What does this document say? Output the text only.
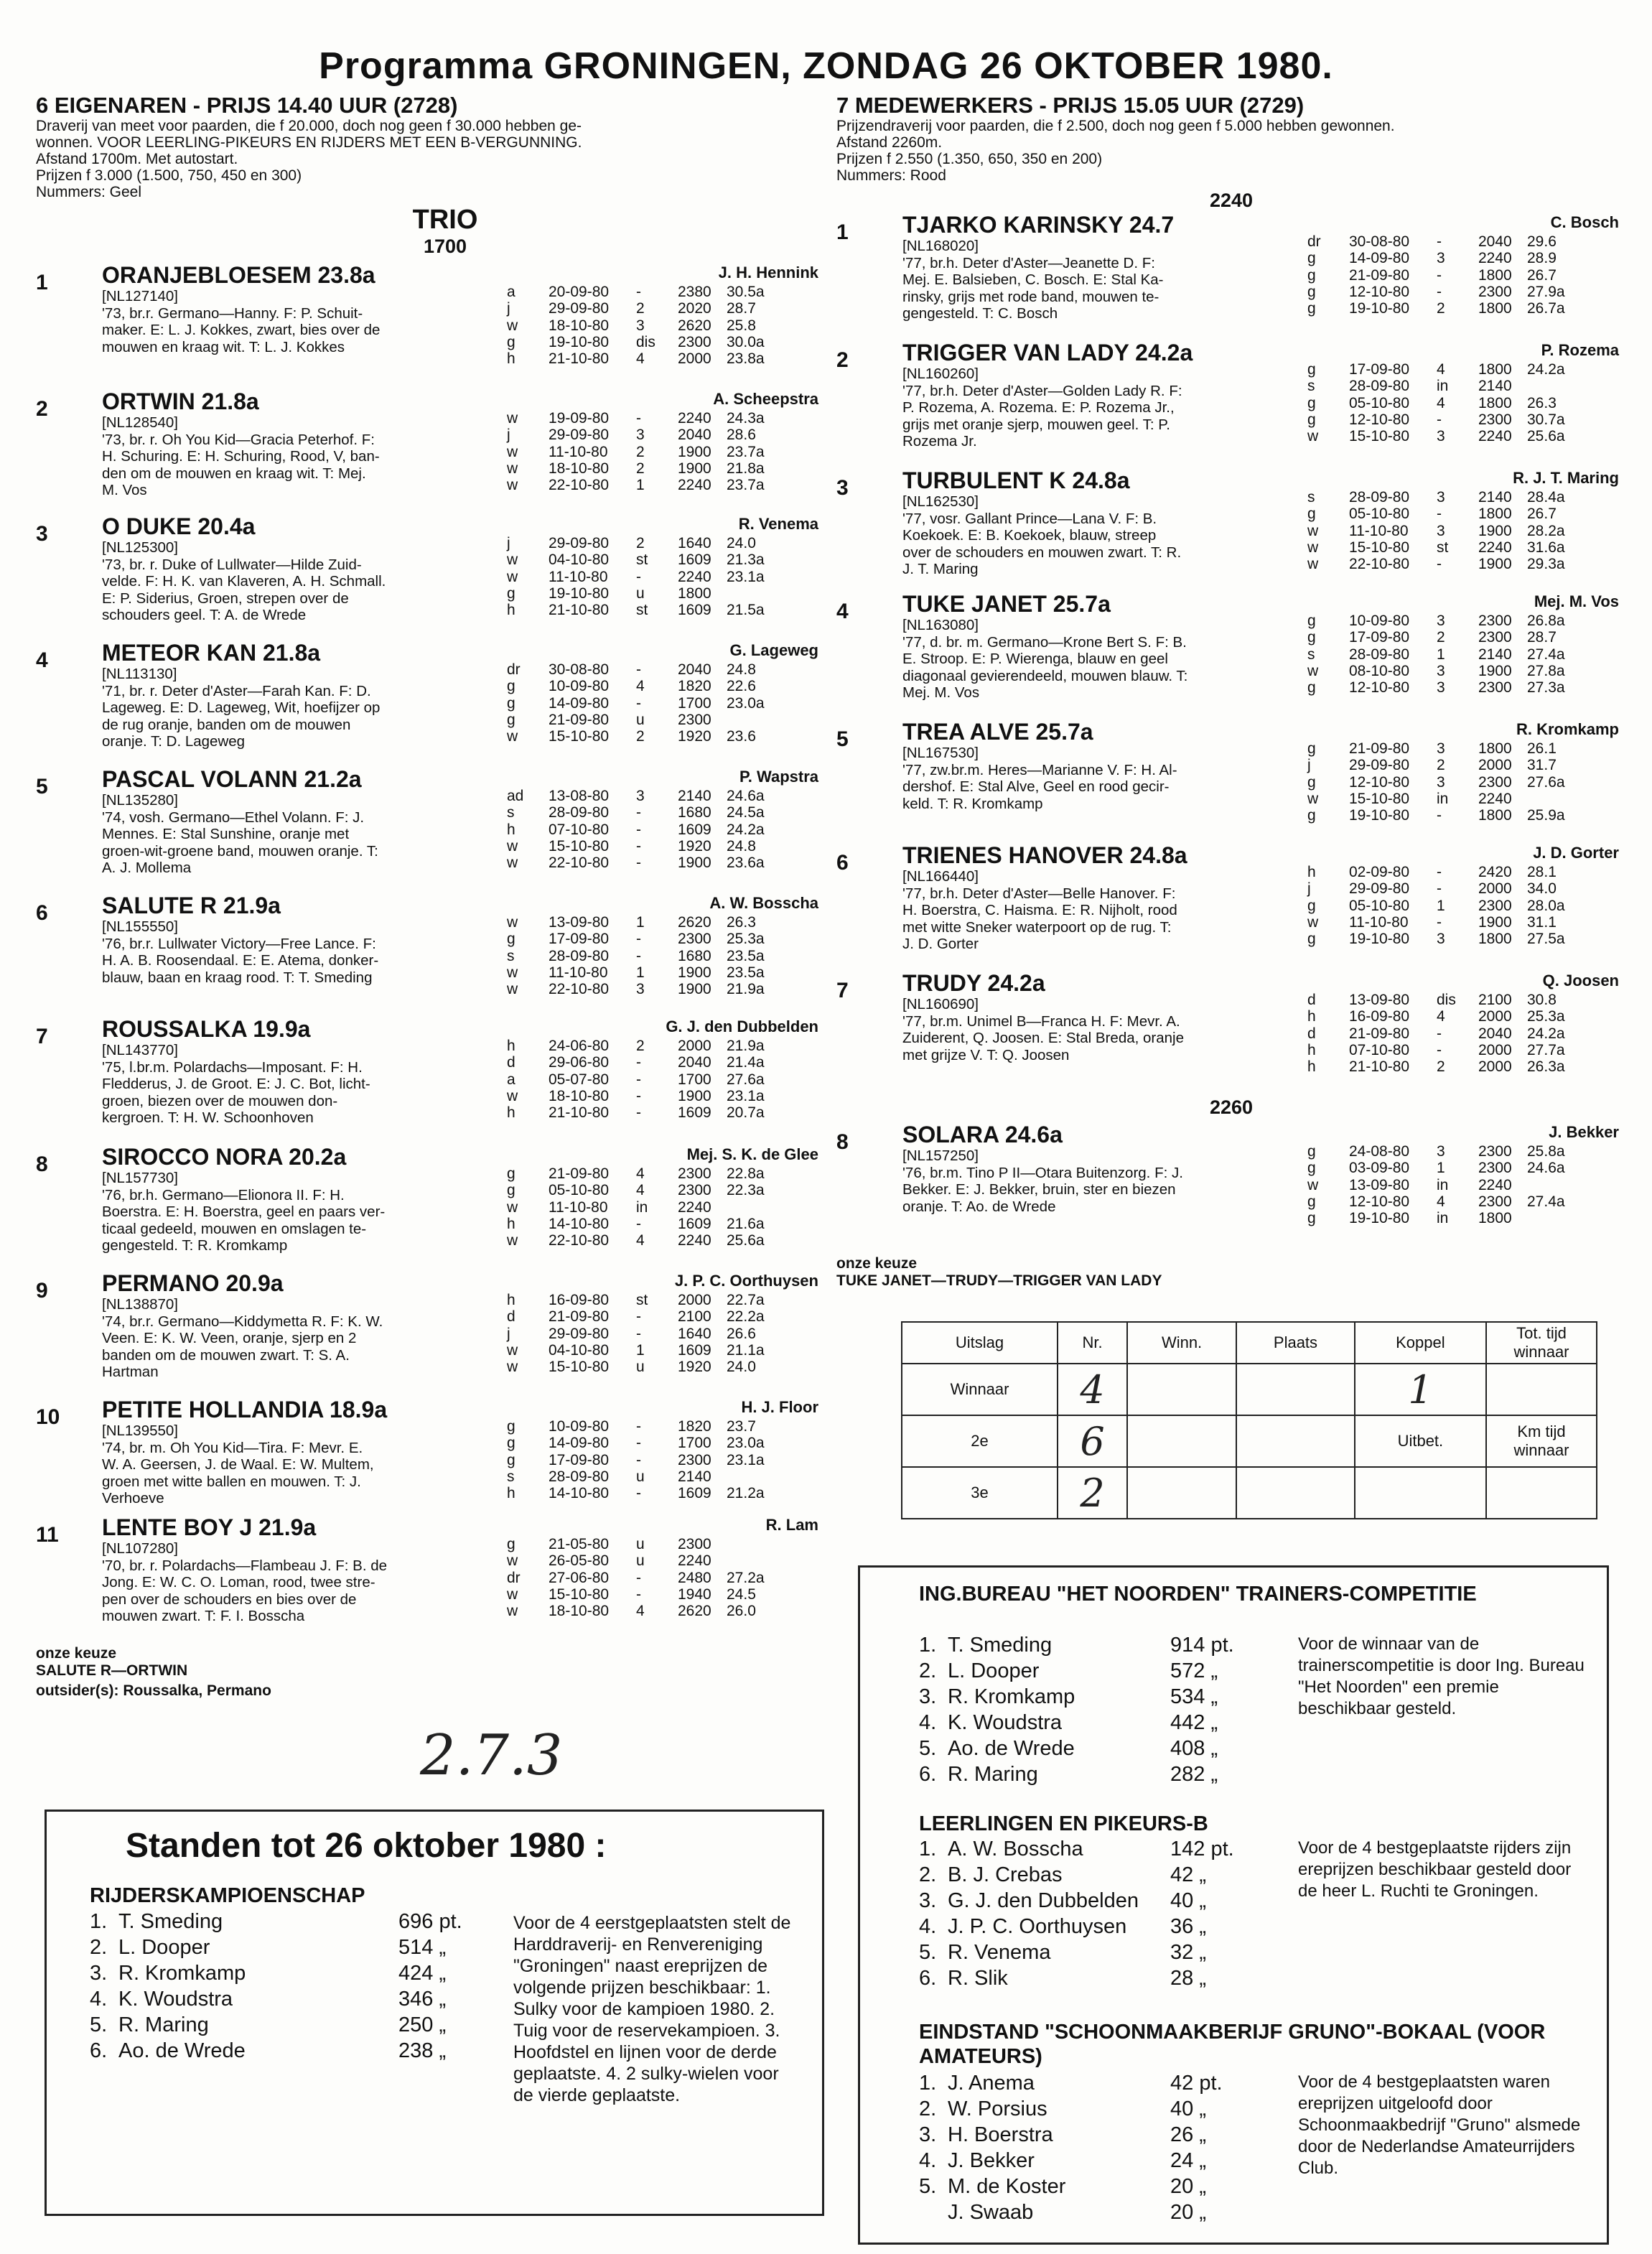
Programma GRONINGEN, ZONDAG 26 OKTOBER 1980.
6 EIGENAREN - PRIJS 14.40 UUR (2728)
Draverij van meet voor paarden, die f 20.000, doch nog geen f 30.000 hebben ge-
wonnen. VOOR LEERLING-PIKEURS EN RIJDERS MET EEN B-VERGUNNING.
Afstand 1700m. Met autostart.
Prijzen f 3.000 (1.500, 750, 450 en 300)
Nummers: Geel
TRIO
1700
1 ORANJEBLOESEM 23.8a	J. H. Hennink
[NL127140]
'73, br.r. Germano—Hanny. F: P. Schuit-
maker. E: L. J. Kokkes, zwart, bies over de
mouwen en kraag wit. T: L. J. Kokkes
a	20-09-80	-	2380	30.5a
j	29-09-80	2	2020	28.7
w	18-10-80	3	2620	25.8
g	19-10-80	dis	2300	30.0a
h	21-10-80	4	2000	23.8a
2 ORTWIN 21.8a	A. Scheepstra
[NL128540]
'73, br. r. Oh You Kid—Gracia Peterhof. F:
H. Schuring. E: H. Schuring, Rood, V, ban-
den om de mouwen en kraag wit. T: Mej.
M. Vos
w	19-09-80	-	2240	24.3a
j	29-09-80	3	2040	28.6
w	11-10-80	2	1900	23.7a
w	18-10-80	2	1900	21.8a
w	22-10-80	1	2240	23.7a
3 O DUKE 20.4a	R. Venema
[NL125300]
'73, br. r. Duke of Lullwater—Hilde Zuid-
velde. F: H. K. van Klaveren, A. H. Schmall.
E: P. Siderius, Groen, strepen over de
schouders geel. T: A. de Wrede
j	29-09-80	2	1640	24.0
w	04-10-80	st	1609	21.3a
w	11-10-80	-	2240	23.1a
g	19-10-80	u	1800
h	21-10-80	st	1609	21.5a
4 METEOR KAN 21.8a	G. Lageweg
[NL113130]
'71, br. r. Deter d'Aster—Farah Kan. F: D.
Lageweg. E: D. Lageweg, Wit, hoefijzer op
de rug oranje, banden om de mouwen
oranje. T: D. Lageweg
dr	30-08-80	-	2040	24.8
g	10-09-80	4	1820	22.6
g	14-09-80	-	1700	23.0a
g	21-09-80	u	2300
w	15-10-80	2	1920	23.6
5 PASCAL VOLANN 21.2a	P. Wapstra
[NL135280]
'74, vosh. Germano—Ethel Volann. F: J.
Mennes. E: Stal Sunshine, oranje met
groen-wit-groene band, mouwen oranje. T:
A. J. Mollema
ad	13-08-80	3	2140	24.6a
s	28-09-80	-	1680	24.5a
h	07-10-80	-	1609	24.2a
w	15-10-80	-	1920	24.8
w	22-10-80	-	1900	23.6a
6 SALUTE R 21.9a	A. W. Bosscha
[NL155550]
'76, br.r. Lullwater Victory—Free Lance. F:
H. A. B. Roosendaal. E: E. Atema, donker-
blauw, baan en kraag rood. T: T. Smeding
w	13-09-80	1	2620	26.3
g	17-09-80	-	2300	25.3a
s	28-09-80	-	1680	23.5a
w	11-10-80	1	1900	23.5a
w	22-10-80	3	1900	21.9a
7 ROUSSALKA 19.9a	G. J. den Dubbelden
[NL143770]
'75, l.br.m. Polardachs—Imposant. F: H.
Fledderus, J. de Groot. E: J. C. Bot, licht-
groen, biezen over de mouwen don-
kergroen. T: H. W. Schoonhoven
h	24-06-80	2	2000	21.9a
d	29-06-80	-	2040	21.4a
a	05-07-80	-	1700	27.6a
w	18-10-80	-	1900	23.1a
h	21-10-80	-	1609	20.7a
8 SIROCCO NORA 20.2a	Mej. S. K. de Glee
[NL157730]
'76, br.h. Germano—Elionora II. F: H.
Boerstra. E: H. Boerstra, geel en paars ver-
ticaal gedeeld, mouwen en omslagen te-
gengesteld. T: R. Kromkamp
g	21-09-80	4	2300	22.8a
g	05-10-80	4	2300	22.3a
w	11-10-80	in	2240
h	14-10-80	-	1609	21.6a
w	22-10-80	4	2240	25.6a
9 PERMANO 20.9a	J. P. C. Oorthuysen
[NL138870]
'74, br.r. Germano—Kiddymetta R. F: K. W.
Veen. E: K. W. Veen, oranje, sjerp en 2
banden om de mouwen zwart. T: S. A.
Hartman
h	16-09-80	st	2000	22.7a
d	21-09-80	-	2100	22.2a
j	29-09-80	-	1640	26.6
w	04-10-80	1	1609	21.1a
w	15-10-80	u	1920	24.0
10 PETITE HOLLANDIA 18.9a	H. J. Floor
[NL139550]
'74, br. m. Oh You Kid—Tira. F: Mevr. E.
W. A. Geersen, J. de Waal. E: W. Multem,
groen met witte ballen en mouwen. T: J.
Verhoeve
g	10-09-80	-	1820	23.7
g	14-09-80	-	1700	23.0a
g	17-09-80	-	2300	23.1a
s	28-09-80	u	2140
h	14-10-80	-	1609	21.2a
11 LENTE BOY J 21.9a	R. Lam
[NL107280]
'70, br. r. Polardachs—Flambeau J. F: B. de
Jong. E: W. C. O. Loman, rood, twee stre-
pen over de schouders en bies over de
mouwen zwart. T: F. I. Bosscha
g	21-05-80	u	2300
w	26-05-80	u	2240
dr	27-06-80	-	2480	27.2a
w	15-10-80	-	1940	24.5
w	18-10-80	4	2620	26.0
onze keuze
SALUTE R—ORTWIN
outsider(s): Roussalka, Permano
2.7.3
7 MEDEWERKERS - PRIJS 15.05 UUR (2729)
Prijzendraverij voor paarden, die f 2.500, doch nog geen f 5.000 hebben gewonnen.
Afstand 2260m.
Prijzen f 2.550 (1.350, 650, 350 en 200)
Nummers: Rood
2240
1 TJARKO KARINSKY 24.7	C. Bosch
[NL168020]
'77, br.h. Deter d'Aster—Jeanette D. F:
Mej. E. Balsieben, C. Bosch. E: Stal Ka-
rinsky, grijs met rode band, mouwen te-
gengesteld. T: C. Bosch
dr	30-08-80	-	2040	29.6
g	14-09-80	3	2240	28.9
g	21-09-80	-	1800	26.7
g	12-10-80	-	2300	27.9a
g	19-10-80	2	1800	26.7a
2 TRIGGER VAN LADY 24.2a	P. Rozema
[NL160260]
'77, br.h. Deter d'Aster—Golden Lady R. F:
P. Rozema, A. Rozema. E: P. Rozema Jr.,
grijs met oranje sjerp, mouwen geel. T: P.
Rozema Jr.
g	17-09-80	4	1800	24.2a
s	28-09-80	in	2140
g	05-10-80	4	1800	26.3
g	12-10-80	-	2300	30.7a
w	15-10-80	3	2240	25.6a
3 TURBULENT K 24.8a	R. J. T. Maring
[NL162530]
'77, vosr. Gallant Prince—Lana V. F: B.
Koekoek. E: B. Koekoek, blauw, streep
over de schouders en mouwen zwart. T: R.
J. T. Maring
s	28-09-80	3	2140	28.4a
g	05-10-80	-	1800	26.7
w	11-10-80	3	1900	28.2a
w	15-10-80	st	2240	31.6a
w	22-10-80	-	1900	29.3a
4 TUKE JANET 25.7a	Mej. M. Vos
[NL163080]
'77, d. br. m. Germano—Krone Bert S. F: B.
E. Stroop. E: P. Wierenga, blauw en geel
diagonaal gevierendeeld, mouwen blauw. T:
Mej. M. Vos
g	10-09-80	3	2300	26.8a
g	17-09-80	2	2300	28.7
s	28-09-80	1	2140	27.4a
w	08-10-80	3	1900	27.8a
g	12-10-80	3	2300	27.3a
5 TREA ALVE 25.7a	R. Kromkamp
[NL167530]
'77, zw.br.m. Heres—Marianne V. F: H. Al-
dershof. E: Stal Alve, Geel en rood gecir-
keld. T: R. Kromkamp
g	21-09-80	3	1800	26.1
j	29-09-80	2	2000	31.7
g	12-10-80	3	2300	27.6a
w	15-10-80	in	2240
g	19-10-80	-	1800	25.9a
6 TRIENES HANOVER 24.8a	J. D. Gorter
[NL166440]
'77, br.h. Deter d'Aster—Belle Hanover. F:
H. Boerstra, C. Haisma. E: R. Nijholt, rood
met witte Sneker waterpoort op de rug. T:
J. D. Gorter
h	02-09-80	-	2420	28.1
j	29-09-80	-	2000	34.0
g	05-10-80	1	2300	28.0a
w	11-10-80	-	1900	31.1
g	19-10-80	3	1800	27.5a
7 TRUDY 24.2a	Q. Joosen
[NL160690]
'77, br.m. Unimel B—Franca H. F: Mevr. A.
Zuiderent, Q. Joosen. E: Stal Breda, oranje
met grijze V. T: Q. Joosen
d	13-09-80	dis	2100	30.8
h	16-09-80	4	2000	25.3a
d	21-09-80	-	2040	24.2a
h	07-10-80	-	2000	27.7a
h	21-10-80	2	2000	26.3a
2260
8 SOLARA 24.6a	J. Bekker
[NL157250]
'76, br.m. Tino P II—Otara Buitenzorg. F: J.
Bekker. E: J. Bekker, bruin, ster en biezen
oranje. T: Ao. de Wrede
g	24-08-80	3	2300	25.8a
g	03-09-80	1	2300	24.6a
w	13-09-80	in	2240
g	12-10-80	4	2300	27.4a
g	19-10-80	in	1800
onze keuze
TUKE JANET—TRUDY—TRIGGER VAN LADY
Uitslag	Nr.	Winn.	Plaats	Koppel	Tot. tijd winnaar
Winnaar	4			1	
2e	6			Uitbet.	Km tijd winnaar
3e	2				
ING.BUREAU "HET NOORDEN" TRAINERS-COMPETITIE
1. T. Smeding	914 pt.
2. L. Dooper	572 „
3. R. Kromkamp	534 „
4. K. Woudstra	442 „
5. Ao. de Wrede	408 „
6. R. Maring	282 „
Voor de winnaar van de trainerscompetitie is door Ing. Bureau "Het Noorden" een premie beschikbaar gesteld.
LEERLINGEN EN PIKEURS-B
1. A. W. Bosscha	142 pt.
2. B. J. Crebas	42 „
3. G. J. den Dubbelden	40 „
4. J. P. C. Oorthuysen	36 „
5. R. Venema	32 „
6. R. Slik	28 „
Voor de 4 bestgeplaatste rijders zijn ereprijzen beschikbaar gesteld door de heer L. Ruchti te Groningen.
EINDSTAND "SCHOONMAAKBERIJF GRUNO"-BOKAAL (VOOR AMATEURS)
1. J. Anema	42 pt.
2. W. Porsius	40 „
3. H. Boerstra	26 „
4. J. Bekker	24 „
5. M. de Koster	20 „
J. Swaab	20 „
Voor de 4 bestgeplaatsten waren ereprijzen uitgeloofd door Schoonmaakbedrijf "Gruno" alsmede door de Nederlandse Amateurrijders Club.
Standen tot 26 oktober 1980 :
RIJDERSKAMPIOENSCHAP
1. T. Smeding	696 pt.
2. L. Dooper	514 „
3. R. Kromkamp	424 „
4. K. Woudstra	346 „
5. R. Maring	250 „
6. Ao. de Wrede	238 „
Voor de 4 eerstgeplaatsten stelt de Harddraverij- en Renvereniging "Groningen" naast ereprijzen de volgende prijzen beschikbaar: 1. Sulky voor de kampioen 1980. 2. Tuig voor de reservekampioen. 3. Hoofdstel en lijnen voor de derde geplaatste. 4. 2 sulky-wielen voor de vierde geplaatste.
